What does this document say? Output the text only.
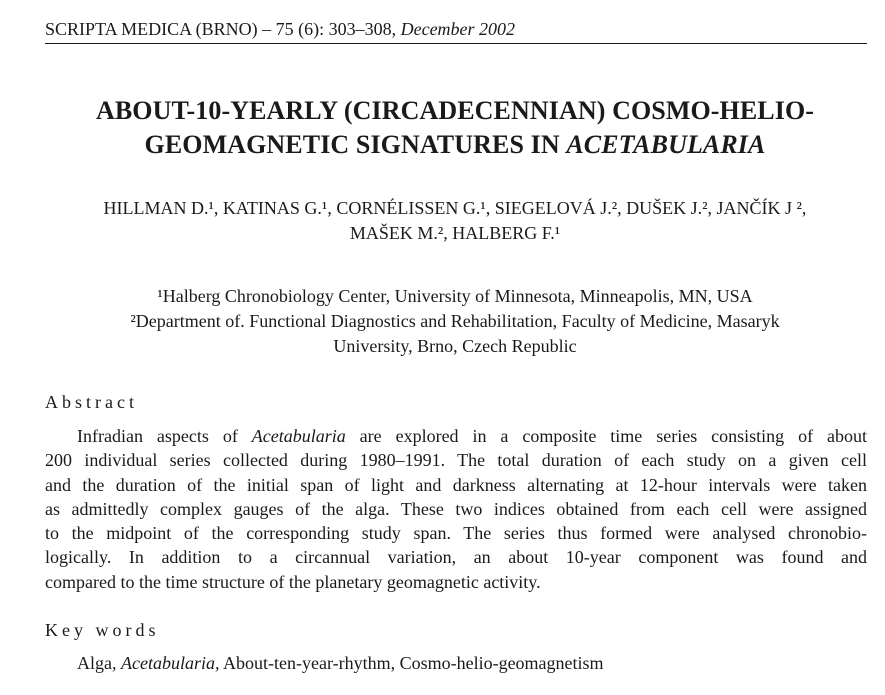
SCRIPTA MEDICA (BRNO) – 75 (6): 303–308, December 2002
ABOUT-10-YEARLY (CIRCADECENNIAN) COSMO-HELIO-
GEOMAGNETIC SIGNATURES IN ACETABULARIA
HILLMAN D.¹, KATINAS G.¹, CORNÉLISSEN G.¹, SIEGELOVÁ J.², DUŠEK J.², JANČÍK J ²,
MAŠEK M.², HALBERG F.¹
¹Halberg Chronobiology Center, University of Minnesota, Minneapolis, MN, USA
²Department of. Functional Diagnostics and Rehabilitation, Faculty of Medicine, Masaryk
University, Brno, Czech Republic
Abstract
Infradian aspects of Acetabularia are explored in a composite time series consisting of about
200 individual series collected during 1980–1991. The total duration of each study on a given cell
and the duration of the initial span of light and darkness alternating at 12-hour intervals were taken
as admittedly complex gauges of the alga. These two indices obtained from each cell were assigned
to the midpoint of the corresponding study span. The series thus formed were analysed chronobio-
logically. In addition to a circannual variation, an about 10-year component was found and
compared to the time structure of the planetary geomagnetic activity.
Key words
Alga, Acetabularia, About-ten-year-rhythm, Cosmo-helio-geomagnetism
